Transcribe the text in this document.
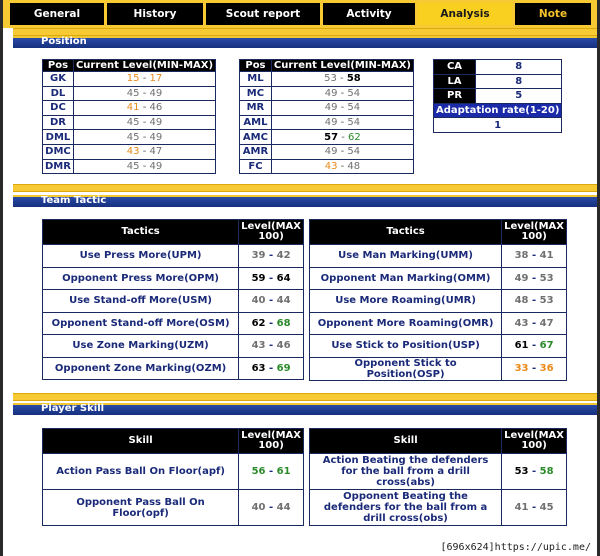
General	History	Scout report	Activity	Analysis	Note
Position
Pos	Current Level(MIN-MAX)
GK	15 - 17
DL	45 - 49
DC	41 - 46
DR	45 - 49
DML	45 - 49
DMC	43 - 47
DMR	45 - 49
Pos	Current Level(MIN-MAX)
ML	53 - 58
MC	49 - 54
MR	49 - 54
AML	49 - 54
AMC	57 - 62
AMR	49 - 54
FC	43 - 48
CA	8
LA	8
PR	5
Adaptation rate(1-20)	
1	
Team Tactic
Tactics	Level(MAX 100)
Use Press More(UPM)	39 - 42
Opponent Press More(OPM)	59 - 64
Use Stand-off More(USM)	40 - 44
Opponent Stand-off More(OSM)	62 - 68
Use Zone Marking(UZM)	43 - 46
Opponent Zone Marking(OZM)	63 - 69
Tactics	Level(MAX 100)
Use Man Marking(UMM)	38 - 41
Opponent Man Marking(OMM)	49 - 53
Use More Roaming(UMR)	48 - 53
Opponent More Roaming(OMR)	43 - 47
Use Stick to Position(USP)	61 - 67
Opponent Stick to Position(OSP)	33 - 36
Player Skill
Skill	Level(MAX 100)
Action Pass Ball On Floor(apf)	56 - 61
Opponent Pass Ball On Floor(opf)	40 - 44
Skill	Level(MAX 100)
Action Beating the defenders for the ball from a drill cross(abs)	53 - 58
Opponent Beating the defenders for the ball from a drill cross(obs)	41 - 45
[696x624]https://upic.me/
